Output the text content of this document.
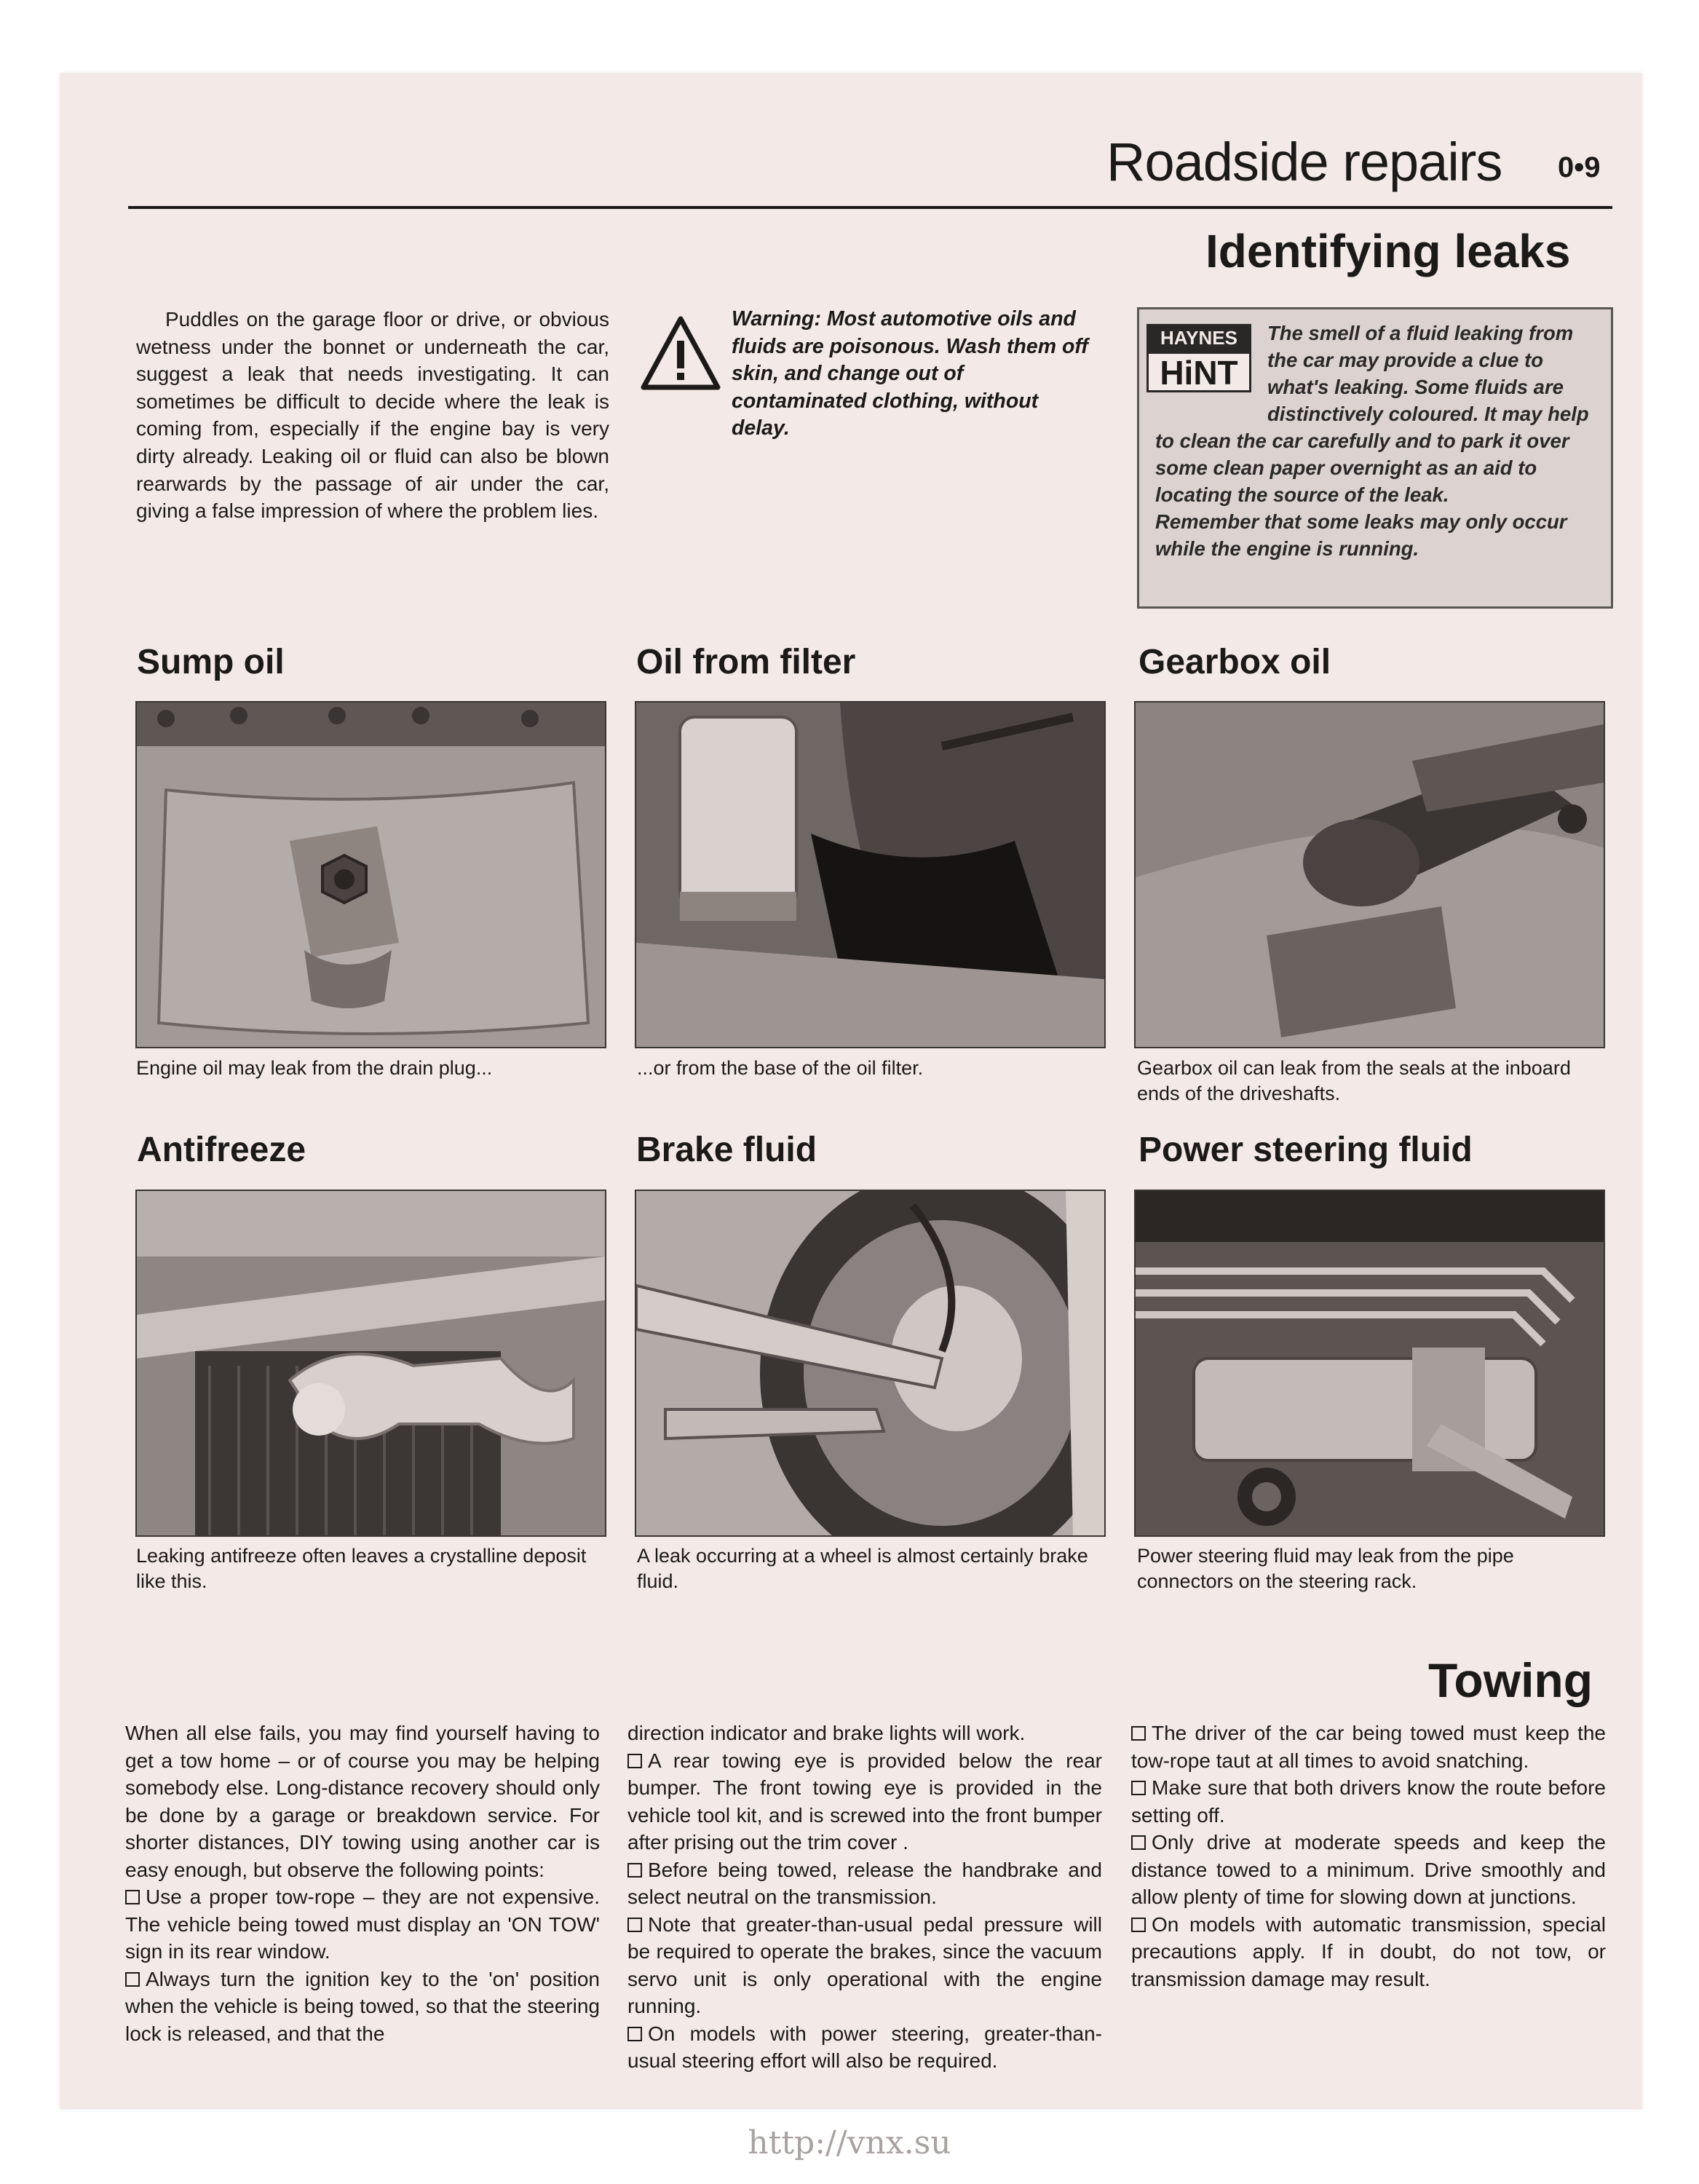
Roadside repairs 0•9
Identifying leaks
Puddles on the garage floor or drive, or obvious wetness under the bonnet or underneath the car, suggest a leak that needs investigating. It can sometimes be difficult to decide where the leak is coming from, especially if the engine bay is very dirty already. Leaking oil or fluid can also be blown rearwards by the passage of air under the car, giving a false impression of where the problem lies.
Warning: Most automotive oils and fluids are poisonous. Wash them off skin, and change out of contaminated clothing, without delay.
HAYNES
HiNT
The smell of a fluid leaking from the car may provide a clue to what's leaking. Some fluids are distinctively coloured. It may help to clean the car carefully and to park it over some clean paper overnight as an aid to locating the source of the leak.
Remember that some leaks may only occur while the engine is running.
Sump oil	Oil from filter	Gearbox oil
Engine oil may leak from the drain plug...	...or from the base of the oil filter.	Gearbox oil can leak from the seals at the inboard ends of the driveshafts.
Antifreeze	Brake fluid	Power steering fluid
Leaking antifreeze often leaves a crystalline deposit like this.
A leak occurring at a wheel is almost certainly brake fluid.
Power steering fluid may leak from the pipe connectors on the steering rack.
Towing

When all else fails, you may find yourself having to get a tow home – or of course you may be helping somebody else. Long-distance recovery should only be done by a garage or breakdown service. For shorter distances, DIY towing using another car is easy enough, but observe the following points:

Use a proper tow-rope – they are not expensive. The vehicle being towed must display an 'ON TOW' sign in its rear window.

Always turn the ignition key to the 'on' position when the vehicle is being towed, so that the steering lock is released, and that the

direction indicator and brake lights will work.

A rear towing eye is provided below the rear bumper. The front towing eye is provided in the vehicle tool kit, and is screwed into the front bumper after prising out the trim cover .

Before being towed, release the handbrake and select neutral on the transmission.

Note that greater-than-usual pedal pressure will be required to operate the brakes, since the vacuum servo unit is only operational with the engine running.

On models with power steering, greater-than-usual steering effort will also be required.

The driver of the car being towed must keep the tow-rope taut at all times to avoid snatching.

Make sure that both drivers know the route before setting off.

Only drive at moderate speeds and keep the distance towed to a minimum. Drive smoothly and allow plenty of time for slowing down at junctions.

On models with automatic transmission, special precautions apply. If in doubt, do not tow, or transmission damage may result.

http://vnx.su
